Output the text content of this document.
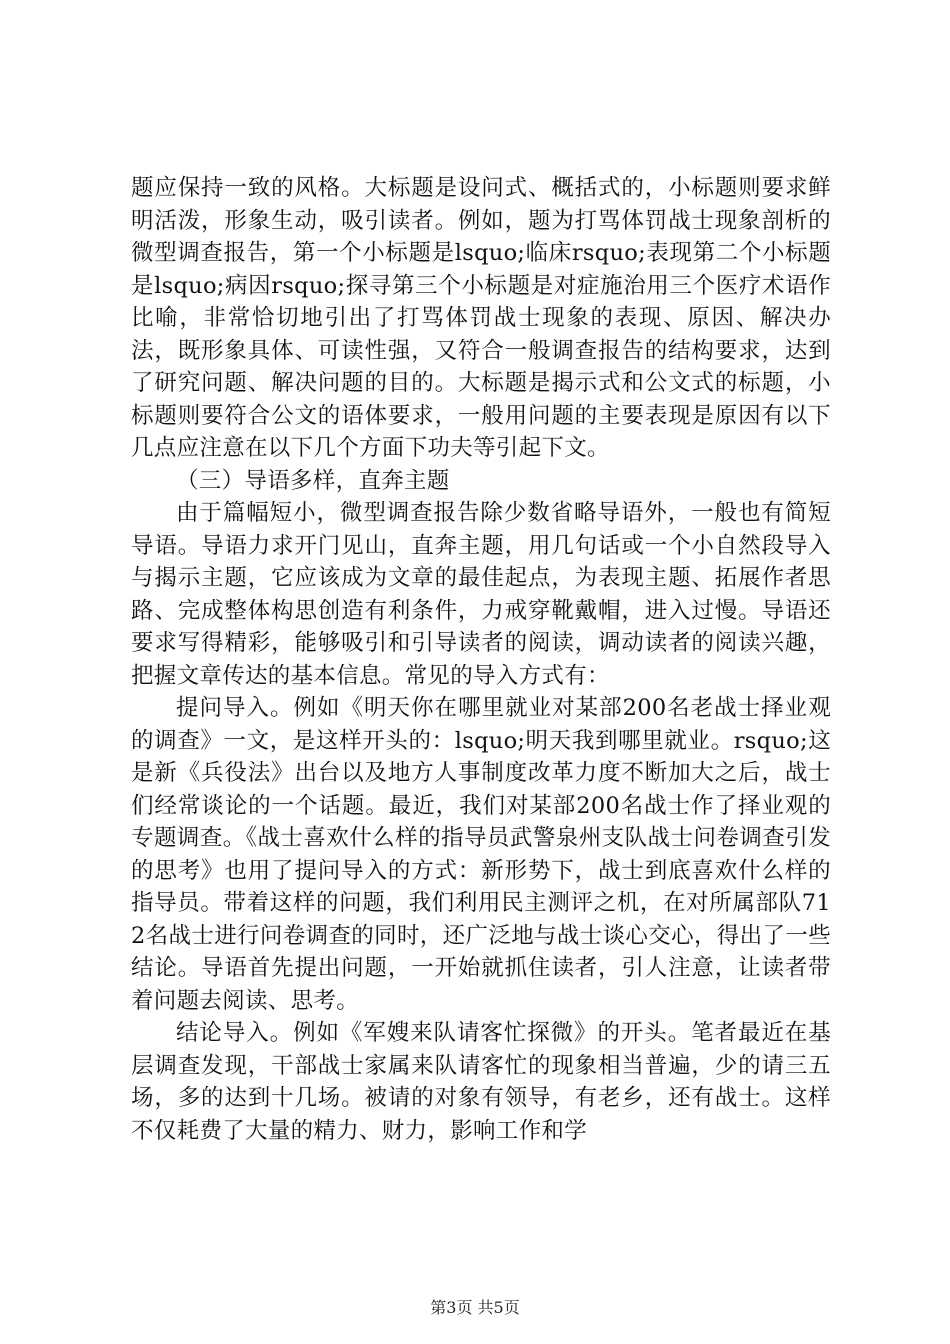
题应保持一致的风格。大标题是设问式、概括式的，小标题则要求鲜明活泼，形象生动，吸引读者。例如，题为打骂体罚战士现象剖析的微型调查报告，第一个小标题是lsquo;临床rsquo;表现第二个小标题是lsquo;病因rsquo;探寻第三个小标题是对症施治用三个医疗术语作比喻，非常恰切地引出了打骂体罚战士现象的表现、原因、解决办法，既形象具体、可读性强，又符合一般调查报告的结构要求，达到了研究问题、解决问题的目的。大标题是揭示式和公文式的标题，小标题则要符合公文的语体要求，一般用问题的主要表现是原因有以下几点应注意在以下几个方面下功夫等引起下文。

（三）导语多样，直奔主题

由于篇幅短小，微型调查报告除少数省略导语外，一般也有简短导语。导语力求开门见山，直奔主题，用几句话或一个小自然段导入与揭示主题，它应该成为文章的最佳起点，为表现主题、拓展作者思路、完成整体构思创造有利条件，力戒穿靴戴帽，进入过慢。导语还要求写得精彩，能够吸引和引导读者的阅读，调动读者的阅读兴趣，把握文章传达的基本信息。常见的导入方式有：

提问导入。例如《明天你在哪里就业对某部200名老战士择业观的调查》一文，是这样开头的：lsquo;明天我到哪里就业。rsquo;这是新《兵役法》出台以及地方人事制度改革力度不断加大之后，战士们经常谈论的一个话题。最近，我们对某部200名战士作了择业观的专题调查。《战士喜欢什么样的指导员武警泉州支队战士问卷调查引发的思考》也用了提问导入的方式：新形势下，战士到底喜欢什么样的指导员。带着这样的问题，我们利用民主测评之机，在对所属部队712名战士进行问卷调查的同时，还广泛地与战士谈心交心，得出了一些结论。导语首先提出问题，一开始就抓住读者，引人注意，让读者带着问题去阅读、思考。

结论导入。例如《军嫂来队请客忙探微》的开头。笔者最近在基层调查发现，干部战士家属来队请客忙的现象相当普遍，少的请三五场，多的达到十几场。被请的对象有领导，有老乡，还有战士。这样不仅耗费了大量的精力、财力，影响工作和学

第3页 共5页
